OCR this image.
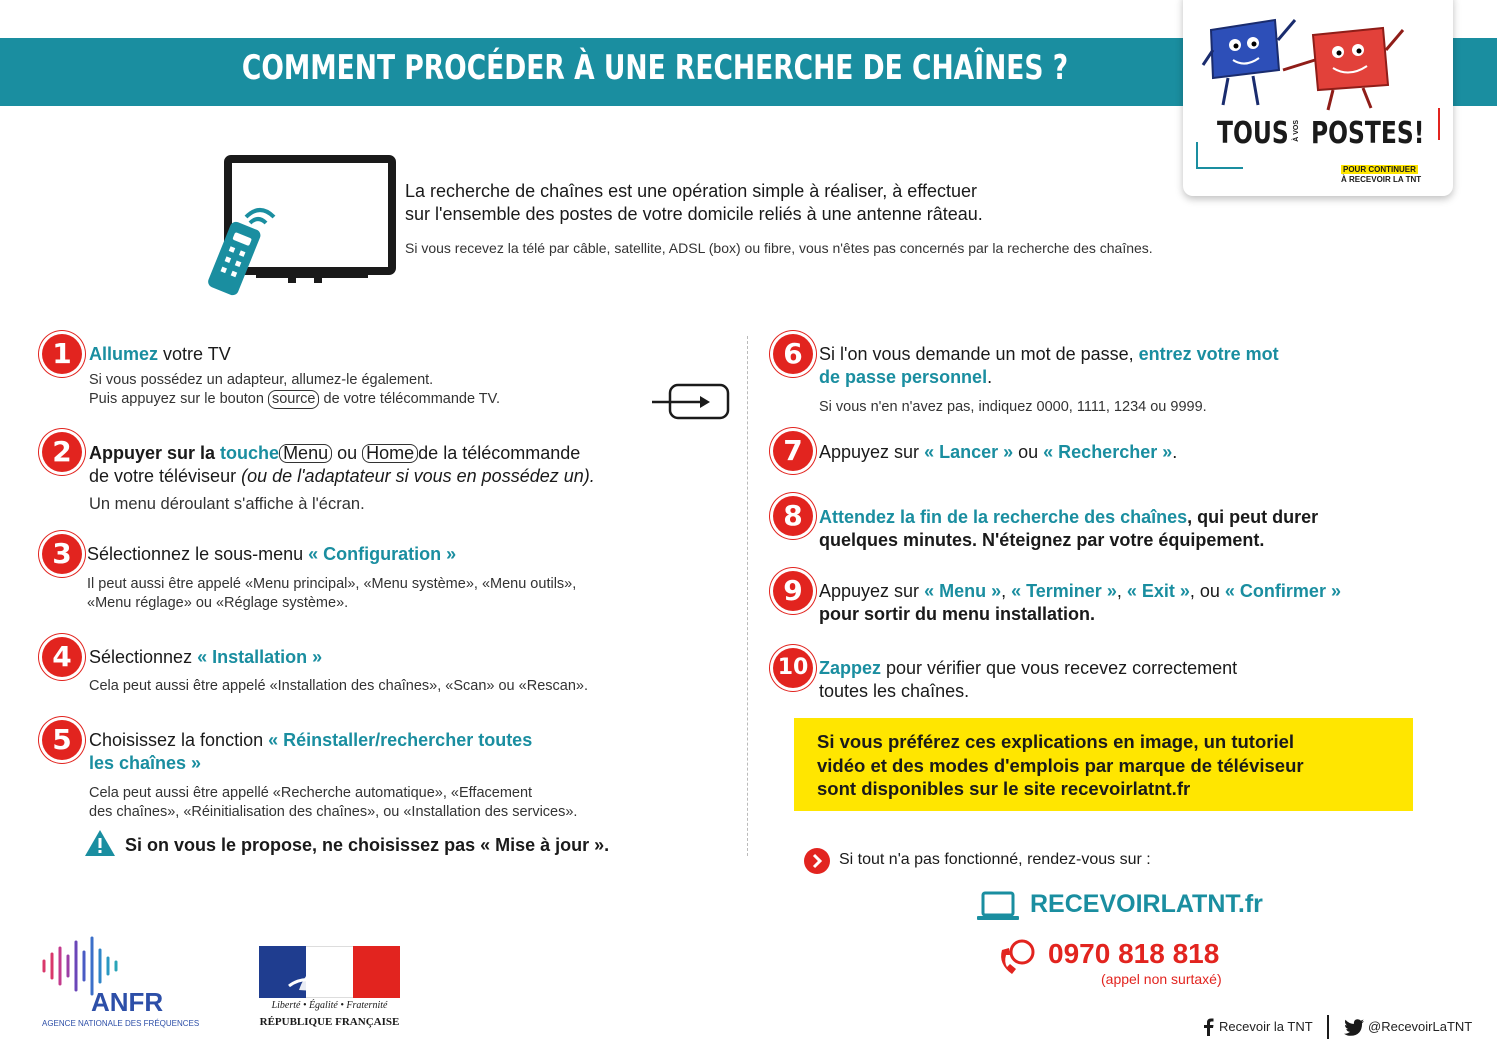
COMMENT PROCÉDER À UNE RECHERCHE DE CHAÎNES ?
TOUS À VOS POSTES!
POUR CONTINUER
À RECEVOIR LA TNT
La recherche de chaînes est une opération simple à réaliser, à effectuer
sur l'ensemble des postes de votre domicile reliés à une antenne râteau.
Si vous recevez la télé par câble, satellite, ADSL (box) ou fibre, vous n'êtes pas concernés par la recherche des chaînes.
1 Allumez votre TV
Si vous possédez un adapteur, allumez-le également.
Puis appuyez sur le bouton source de votre télécommande TV.
2 Appuyer sur la touche Menu ou Home de la télécommande
de votre téléviseur (ou de l'adaptateur si vous en possédez un).
Un menu déroulant s'affiche à l'écran.
3 Sélectionnez le sous-menu « Configuration »
Il peut aussi être appelé «Menu principal», «Menu système», «Menu outils»,
«Menu réglage» ou «Réglage système».
4 Sélectionnez « Installation »
Cela peut aussi être appelé «Installation des chaînes», «Scan» ou «Rescan».
5 Choisissez la fonction « Réinstaller/rechercher toutes
les chaînes »
Cela peut aussi être appellé «Recherche automatique», «Effacement
des chaînes», «Réinitialisation des chaînes», ou «Installation des services».
Si on vous le propose, ne choisissez pas « Mise à jour ».
6 Si l'on vous demande un mot de passe, entrez votre mot
de passe personnel.
Si vous n'en n'avez pas, indiquez 0000, 1111, 1234 ou 9999.
7 Appuyez sur « Lancer » ou « Rechercher ».
8 Attendez la fin de la recherche des chaînes, qui peut durer
quelques minutes. N'éteignez par votre équipement.
9 Appuyez sur « Menu », « Terminer », « Exit », ou « Confirmer »
pour sortir du menu installation.
10 Zappez pour vérifier que vous recevez correctement
toutes les chaînes.
Si vous préférez ces explications en image, un tutoriel
vidéo et des modes d'emplois par marque de téléviseur
sont disponibles sur le site recevoirlatnt.fr
Si tout n'a pas fonctionné, rendez-vous sur :
RECEVOIRLATNT.fr
0970 818 818
(appel non surtaxé)
ANFR
AGENCE NATIONALE DES FRÉQUENCES
Liberté • Égalité • Fraternité
RÉPUBLIQUE FRANÇAISE	Recevoir la TNT	@RecevoirLaTNT
